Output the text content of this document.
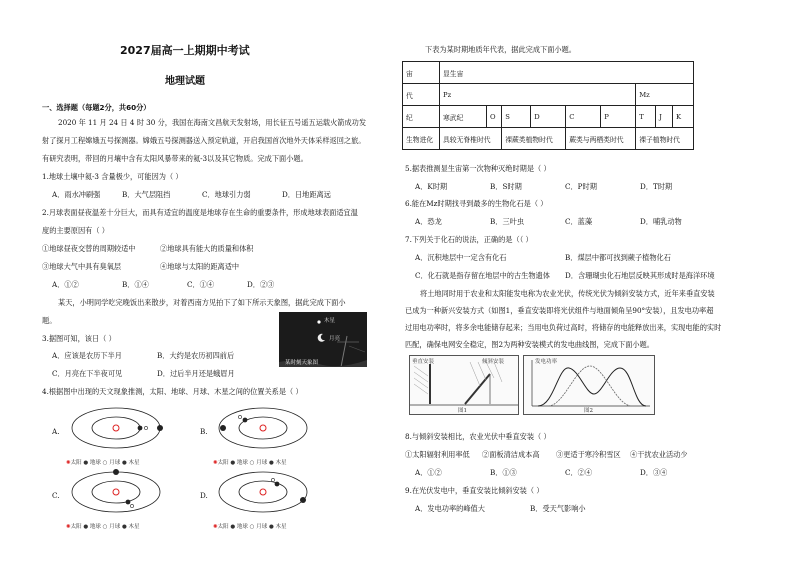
2027届高一上期期中考试
地理试题
一、选择题（每题2分，共60分）
2020 年 11 月 24 日 4 时 30 分，我国在海南文昌航天发射场，用长征五号遥五运载火箭成功发
射了探月工程嫦娥五号探测器。嫦娥五号探测器送入预定轨道，开启我国首次地外天体采样返回之旅。
有研究表明，带回的月壤中含有太阳风暴带来的氦-3以及其它物质。完成下面小题。
1.地球土壤中氦-3 含量极少，可能因为（ ）
A．雨水冲刷强	B．大气层阻挡	C．地球引力弱	D．日地距离远
2.月球表面昼夜温差十分巨大，而具有适宜的温度是地球存在生命的重要条件，形成地球表面适宜温
度的主要原因有（ ）
①地球昼夜交替的周期较适中	②地球具有能大的质量和体积
③地球大气中具有臭氧层	④地球与太阳的距离适中
A．①②	B．①④	C．①④	D．②③
某天，小明同学吃完晚饭出来散步，对着西南方见拍下了如下所示天象图，据此完成下面小
题。	木星
月亮
某时刻天象图
3.据图可知，该日（ ）
A．应该是农历下半月	B．大约是农历初四前后
C．月亮在下半夜可见	D．过后半月还是蛾眉月
4.根据图中出现的天文现象推测，太阳、地球、月球、木星之间的位置关系是（ ）
A.	B.
✺太阳 ● 地球 ○ 月球 ● 木星	✺太阳 ● 地球 ○ 月球 ● 木星
C.	D.
✺太阳 ● 地球 ○ 月球 ● 木星	✺太阳 ● 地球 ○ 月球 ● 木星
下表为某时期地质年代表，据此完成下面小题。
宙	显生宙								
代	Pz						Mz		
纪	寒武纪	O	S	D	C	P	T	J	K
生物进化	具较无脊椎时代		裸蕨类植物时代		蕨类与两栖类时代		裸子植物时代		
5.据表推测显生宙第一次物种灭绝时期是（ ）
A．K时期	B．S时期	C．P时期	D．T时期
6.能在Mz时期找寻到最多的生物化石是（ ）
A．恐龙	B．三叶虫	C．蓝藻	D．哺乳动物
7.下列关于化石的说法，正确的是（（ ）
A．沉积地层中一定含有化石	B．煤层中都可找到蕨子植物化石
C．化石就是指存留在地层中的古生物遗体 D．含珊瑚虫化石地层反映其形成时是海洋环境
将土地同时用于农业和太阳能发电称为农业光伏，传统光伏为倾斜安装方式，近年来垂直安装
已成为一种新兴安装方式（如图1，垂直安装即将光伏组件与地面倾角呈90°安装），且发电功率超
过用电功率时，将多余电能储存起来；当用电负荷过高时，将储存的电能释放出来，实现电能的实时
匹配，确保电网安全稳定，图2为两种安装模式的发电曲线图，完成下面小题。
垂直安装	倾斜安装
图1
发电功率
图2
8.与倾斜安装相比，农业光伏中垂直安装（ ）
①太阳辐射利用率低 ②面板清洁成本高 ③更适于寒冷积雪区 ④干扰农业活动少
A．①②	B．①③	C．②④	D．③④
9.在光伏发电中，垂直安装比倾斜安装（ ）
A．发电功率的峰值大	B．受天气影响小
